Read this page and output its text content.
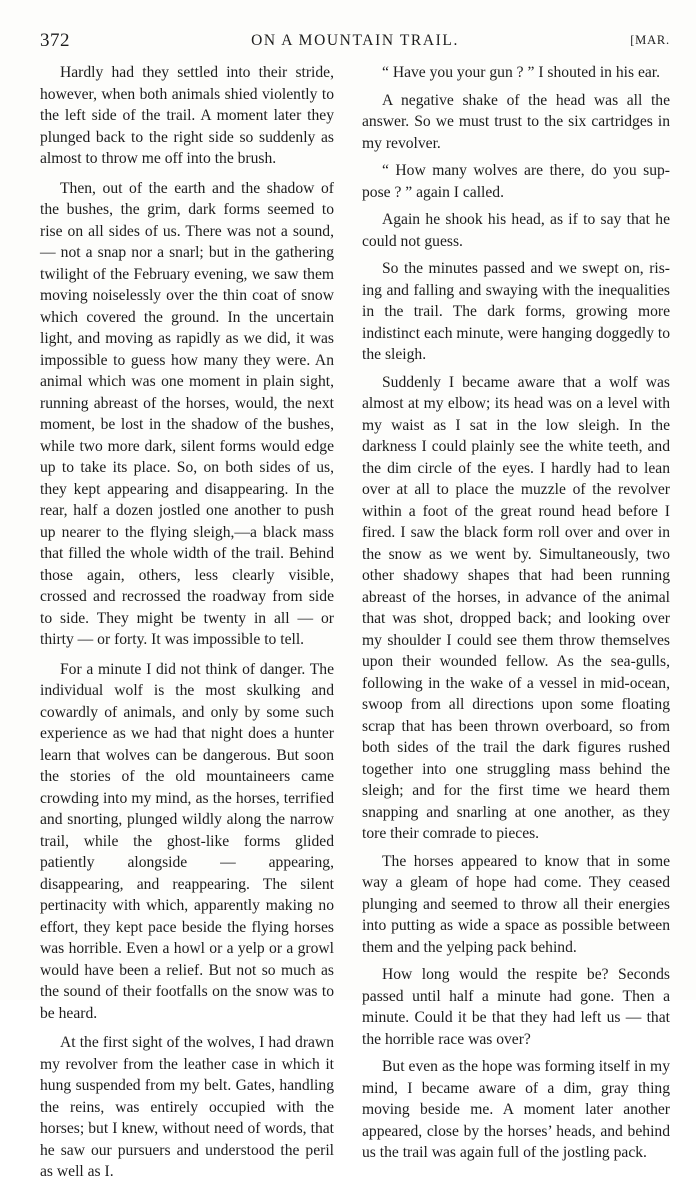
372	ON A MOUNTAIN TRAIL.	[MAR.

Hardly had they settled into their stride, however, when both animals shied violently to the left side of the trail. A moment later they plunged back to the right side so suddenly as almost to throw me off into the brush.

Then, out of the earth and the shadow of the bushes, the grim, dark forms seemed to rise on all sides of us. There was not a sound,— not a snap nor a snarl; but in the gathering twilight of the February evening, we saw them moving noiselessly over the thin coat of snow which covered the ground. In the uncertain light, and moving as rapidly as we did, it was impossible to guess how many they were. An animal which was one moment in plain sight, running abreast of the horses, would, the next moment, be lost in the shadow of the bushes, while two more dark, silent forms would edge up to take its place. So, on both sides of us, they kept appearing and disappearing. In the rear, half a dozen jostled one another to push up nearer to the flying sleigh,—a black mass that filled the whole width of the trail. Behind those again, others, less clearly visible, crossed and recrossed the roadway from side to side. They might be twenty in all — or thirty — or forty. It was impossible to tell.

For a minute I did not think of danger. The individual wolf is the most skulking and cowardly of animals, and only by some such experience as we had that night does a hunter learn that wolves can be dangerous. But soon the stories of the old mountaineers came crowding into my mind, as the horses, terrified and snorting, plunged wildly along the narrow trail, while the ghost-like forms glided patiently alongside — appearing, disappearing, and reappearing. The silent pertinacity with which, apparently making no effort, they kept pace beside the flying horses was horrible. Even a howl or a yelp or a growl would have been a relief. But not so much as the sound of their footfalls on the snow was to be heard.

At the first sight of the wolves, I had drawn my revolver from the leather case in which it hung suspended from my belt. Gates, handling the reins, was entirely occupied with the horses; but I knew, without need of words, that he saw our pursuers and understood the peril as well as I.

“ Have you your gun ? ” I shouted in his ear.

A negative shake of the head was all the answer. So we must trust to the six cartridges in my revolver.

“ How many wolves are there, do you suppose ? ” again I called.

Again he shook his head, as if to say that he could not guess.

So the minutes passed and we swept on, rising and falling and swaying with the inequalities in the trail. The dark forms, growing more indistinct each minute, were hanging doggedly to the sleigh.

Suddenly I became aware that a wolf was almost at my elbow; its head was on a level with my waist as I sat in the low sleigh. In the darkness I could plainly see the white teeth, and the dim circle of the eyes. I hardly had to lean over at all to place the muzzle of the revolver within a foot of the great round head before I fired. I saw the black form roll over and over in the snow as we went by. Simultaneously, two other shadowy shapes that had been running abreast of the horses, in advance of the animal that was shot, dropped back; and looking over my shoulder I could see them throw themselves upon their wounded fellow. As the sea-gulls, following in the wake of a vessel in mid-ocean, swoop from all directions upon some floating scrap that has been thrown overboard, so from both sides of the trail the dark figures rushed together into one struggling mass behind the sleigh; and for the first time we heard them snapping and snarling at one another, as they tore their comrade to pieces.

The horses appeared to know that in some way a gleam of hope had come. They ceased plunging and seemed to throw all their energies into putting as wide a space as possible between them and the yelping pack behind.

How long would the respite be? Seconds passed until half a minute had gone. Then a minute. Could it be that they had left us — that the horrible race was over?

But even as the hope was forming itself in my mind, I became aware of a dim, gray thing moving beside me. A moment later another appeared, close by the horses’ heads, and behind us the trail was again full of the jostling pack.
